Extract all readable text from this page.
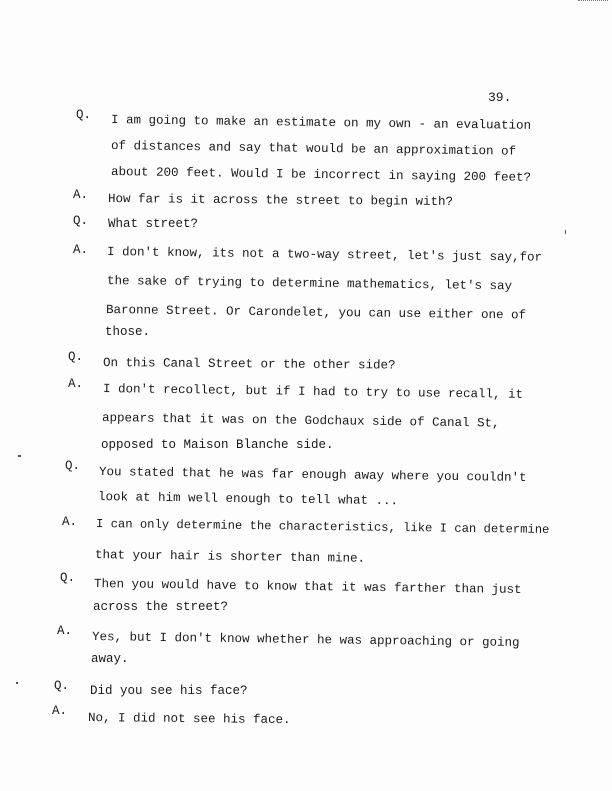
39.
Q. I am going to make an estimate on my own - an evaluation
of distances and say that would be an approximation of
about 200 feet. Would I be incorrect in saying 200 feet?
A. How far is it across the street to begin with?
Q. What street?
A. I don't know, its not a two-way street, let's just say,for
the sake of trying to determine mathematics, let's say
Baronne Street. Or Carondelet, you can use either one of
those.
Q. On this Canal Street or the other side?
A. I don't recollect, but if I had to try to use recall, it
appears that it was on the Godchaux side of Canal St,
opposed to Maison Blanche side.
Q. You stated that he was far enough away where you couldn't
look at him well enough to tell what ...
A. I can only determine the characteristics, like I can determine
that your hair is shorter than mine.
Q. Then you would have to know that it was farther than just
across the street?
A. Yes, but I don't know whether he was approaching or going
away.
Q. Did you see his face?
A.
No, I did not see his face.
